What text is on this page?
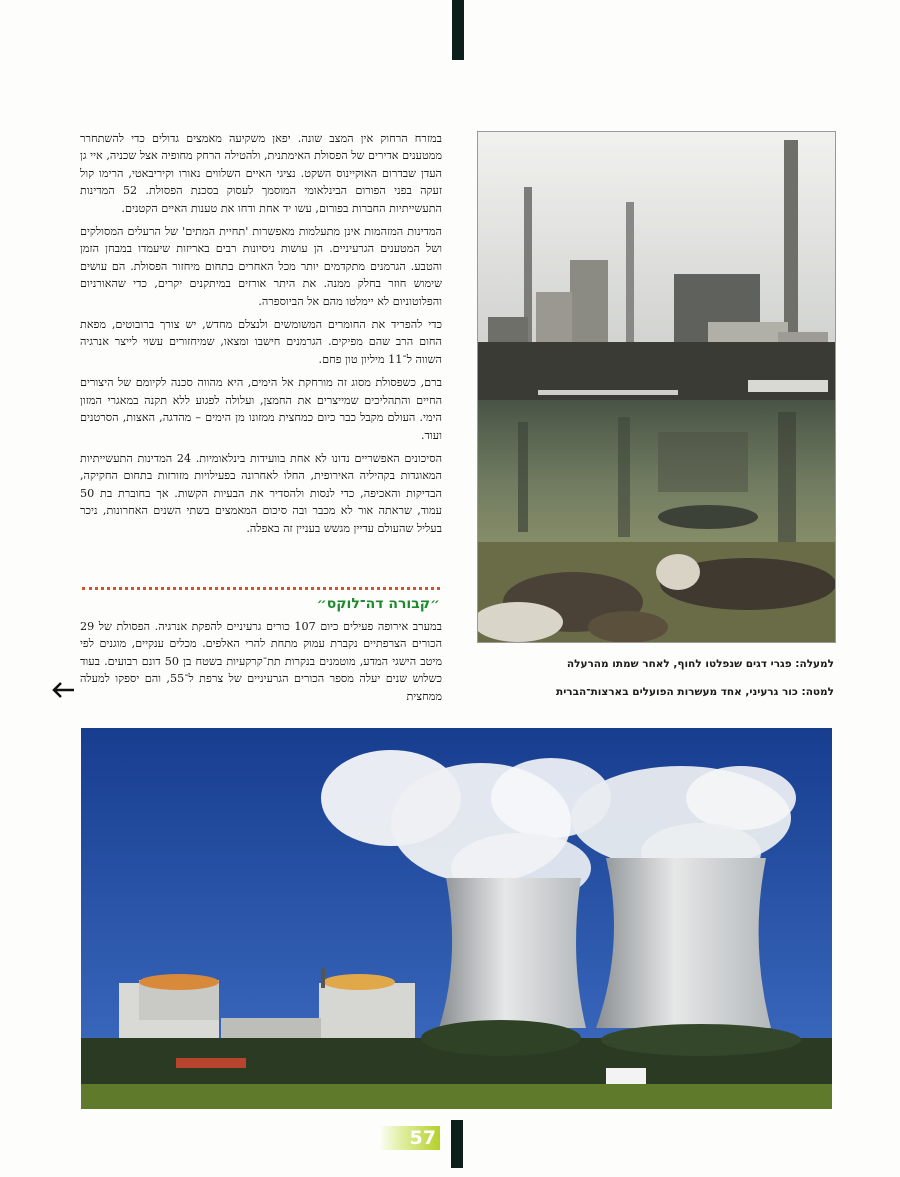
במזרח הרחוק אין המצב שונה. יפאן משקיעה מאמצים גדולים כדי להשתחרר ממטענים אדירים של הפסולת האימתנית, ולהטילה הרחק מחופיה אצל שכניה, איי גן העדן שבדרום האוקיינוס השקט. נציגי האיים השלווים נאורו וקיריבאטי, הרימו קול זעקה בפני הפורום הבינלאומי המוסמך לעסוק בסכנת הפסולת. 52 המדינות התעשייתיות החברות בפורום, עשו יד אחת ודחו את טענות האיים הקטנים.

המדינות המזהמות אינן מתעלמות מאפשרות 'תחיית המתים' של הרעלים המסולקים ושל המטענים הגרעיניים. הן עושות ניסיונות רבים באריזות שיעמדו במבחן הזמן והטבע. הגרמנים מתקדמים יותר מכל האחרים בתחום מיחזור הפסולת. הם עושים שימוש חוזר בחלק ממנה. את היתר אורזים במיתקנים יקרים, כדי שהאורניום והפלוטוניום לא יימלטו מהם אל הביוספרה.

כדי להפריד את החומרים המשומשים ולנצלם מחדש, יש צורך ברובוטים, מפאת החום הרב שהם מפיקים. הגרמנים חישבו ומצאו, שמיחזורים עשוי לייצר אנרגיה השווה ל־11 מיליון טון פחם.

ברם, כשפסולת מסוג זה מורחקת אל הימים, היא מהווה סכנה לקיומם של היצורים החיים והתהליכים שמייצרים את החמצן, ועלולה לפגוע ללא תקנה במאגרי המזון הימי. העולם מקבל כבר כיום כמחצית ממזונו מן הימים – מהדגה, האצות, הסרטנים ועוד.

הסיכונים האפשריים נדונו לא אחת בוועידות בינלאומיות. 24 המדינות התעשייתיות המאוגדות בקהיליה האירופית, החלו לאחרונה בפעילויות מזורזות בתחום החקיקה, הבדיקות והאכיפה, כדי לנסות ולהסדיר את הבעיות הקשות. אך בחוברת בת 50 עמוד, שראתה אור לא מכבר ובה סיכום המאמצים בשתי השנים האחרונות, ניכר בעליל שהעולם עדיין מגשש בעניין זה באפלה.

״קבורה דה־לוקס״

במערב אירופה פעילים כיום 107 כורים גרעיניים להפקת אנרגיה. הפסולת של 29 הכורים הצרפתיים נקברת עמוק מתחת להרי האלפים. מכלים ענקיים, מוגנים לפי מיטב הישגי המדע, מוטמנים בנקרות תת־קרקעיות בשטח בן 50 דונם רבועים. בעוד כשלוש שנים יעלה מספר הכורים הגרעיניים של צרפת ל־55, והם יספקו למעלה ממחצית

למעלה: פגרי דגים שנפלטו לחוף, לאחר שמתו מהרעלה
למטה: כור גרעיני, אחד מעשרות הפועלים בארצות־הברית
57
